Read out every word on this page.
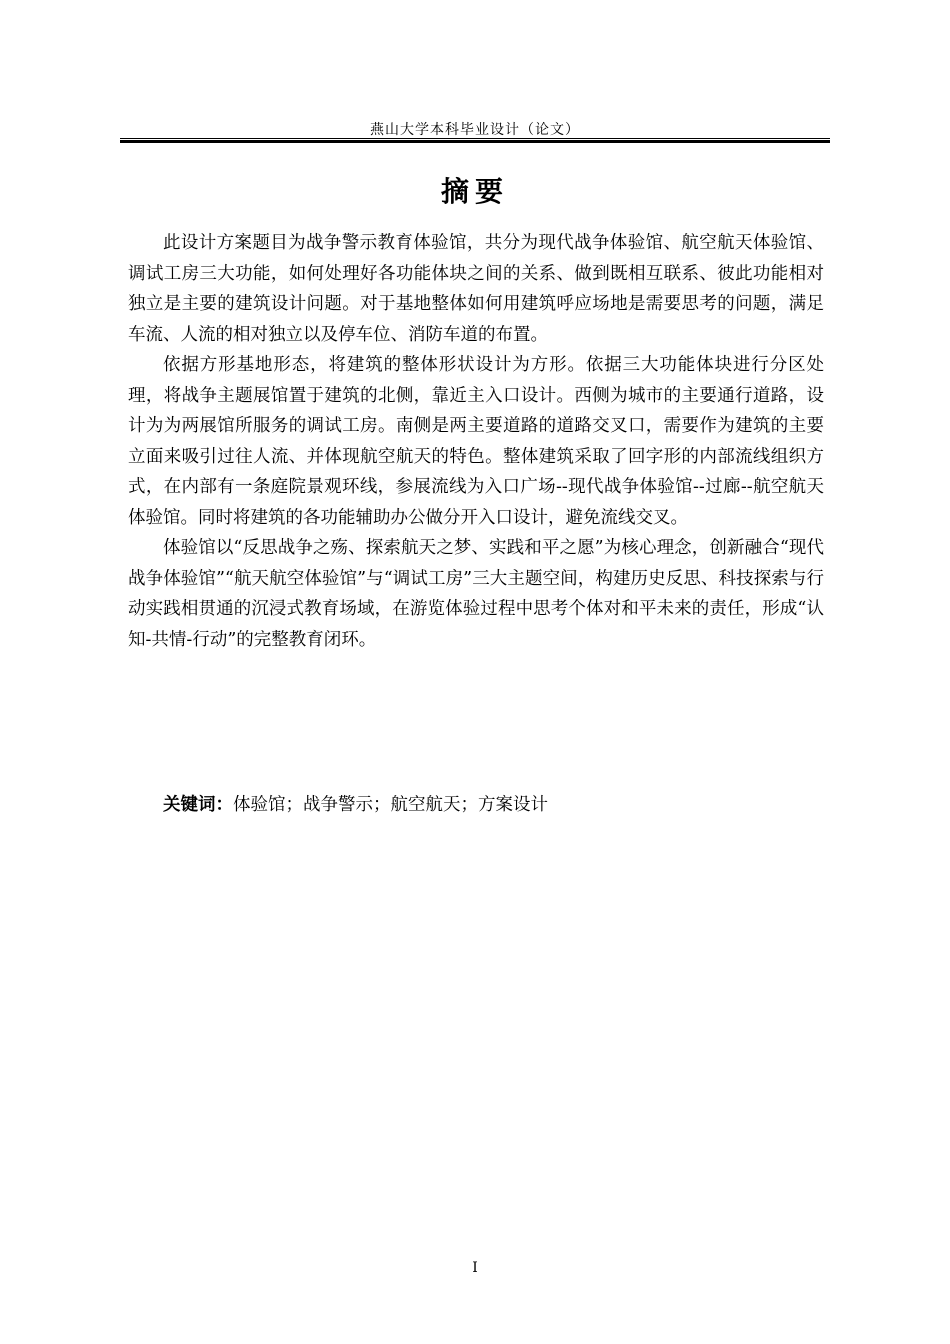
燕山大学本科毕业设计（论文）
摘要

此设计方案题目为战争警示教育体验馆，共分为现代战争体验馆、航空航天体验馆、调试工房三大功能，如何处理好各功能体块之间的关系、做到既相互联系、彼此功能相对独立是主要的建筑设计问题。对于基地整体如何用建筑呼应场地是需要思考的问题，满足车流、人流的相对独立以及停车位、消防车道的布置。

依据方形基地形态，将建筑的整体形状设计为方形。依据三大功能体块进行分区处理，将战争主题展馆置于建筑的北侧，靠近主入口设计。西侧为城市的主要通行道路，设计为为两展馆所服务的调试工房。南侧是两主要道路的道路交叉口，需要作为建筑的主要立面来吸引过往人流、并体现航空航天的特色。整体建筑采取了回字形的内部流线组织方式，在内部有一条庭院景观环线，参展流线为入口广场--现代战争体验馆--过廊--航空航天体验馆。同时将建筑的各功能辅助办公做分开入口设计，避免流线交叉。

体验馆以“反思战争之殇、探索航天之梦、实践和平之愿”为核心理念，创新融合“现代战争体验馆”“航天航空体验馆”与“调试工房”三大主题空间，构建历史反思、科技探索与行动实践相贯通的沉浸式教育场域，在游览体验过程中思考个体对和平未来的责任，形成“认知-共情-行动”的完整教育闭环。

关键词：体验馆；战争警示；航空航天；方案设计
I
